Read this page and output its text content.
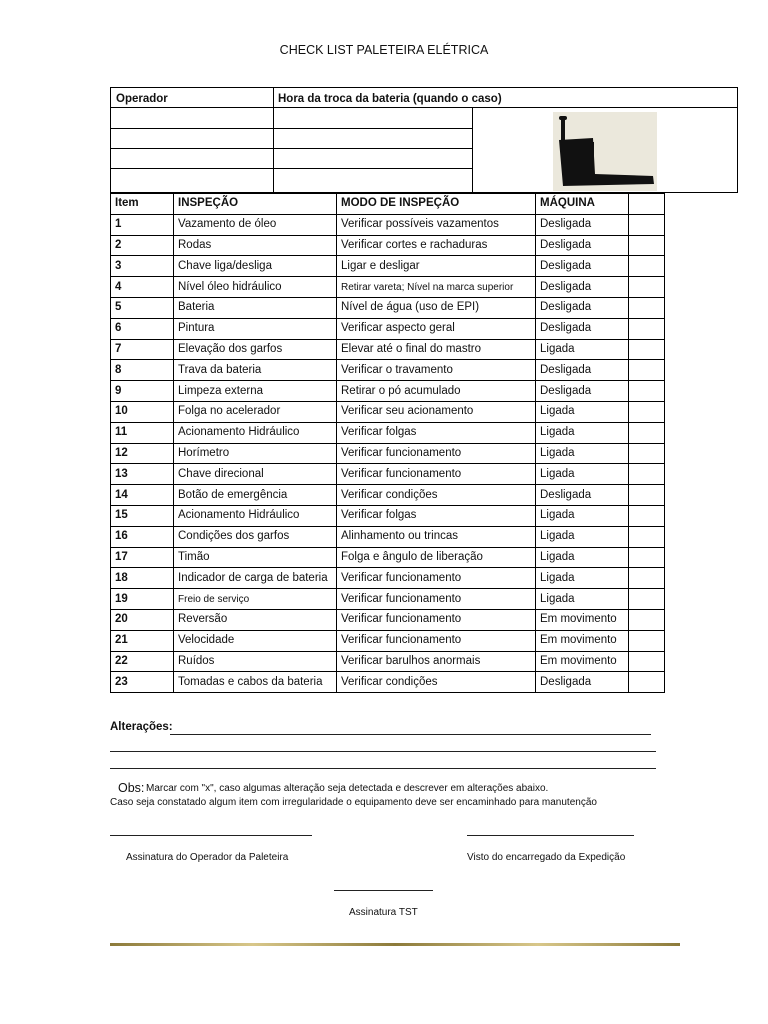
CHECK LIST PALETEIRA ELÉTRICA
Operador	Hora da troca da bateria (quando o caso)
Item	INSPEÇÃO	MODO DE INSPEÇÃO	MÁQUINA	
1	Vazamento de óleo	Verificar possíveis vazamentos	Desligada	
2	Rodas	Verificar cortes e rachaduras	Desligada	
3	Chave liga/desliga	Ligar e desligar	Desligada	
4	Nível óleo hidráulico	Retirar vareta; Nível na marca superior	Desligada	
5	Bateria	Nível de água (uso de EPI)	Desligada	
6	Pintura	Verificar aspecto geral	Desligada	
7	Elevação dos garfos	Elevar até o final do mastro	Ligada	
8	Trava da bateria	Verificar o travamento	Desligada	
9	Limpeza externa	Retirar o pó acumulado	Desligada	
10	Folga no acelerador	Verificar seu acionamento	Ligada	
11	Acionamento Hidráulico	Verificar folgas	Ligada	
12	Horímetro	Verificar funcionamento	Ligada	
13	Chave direcional	Verificar funcionamento	Ligada	
14	Botão de emergência	Verificar condições	Desligada	
15	Acionamento Hidráulico	Verificar folgas	Ligada	
16	Condições dos garfos	Alinhamento ou trincas	Ligada	
17	Timão	Folga e ângulo de liberação	Ligada	
18	Indicador de carga de bateria	Verificar funcionamento	Ligada	
19	Freio de serviço	Verificar funcionamento	Ligada	
20	Reversão	Verificar funcionamento	Em movimento	
21	Velocidade	Verificar funcionamento	Em movimento	
22	Ruídos	Verificar barulhos anormais	Em movimento	
23	Tomadas e cabos da bateria	Verificar condições	Desligada	
Alterações:
Obs: Marcar com "x", caso algumas alteração seja detectada e descrever em alterações abaixo.
Caso seja constatado algum item com irregularidade o equipamento deve ser encaminhado para manutenção
Assinatura do Operador da Paleteira	Visto do encarregado da Expedição
Assinatura TST
